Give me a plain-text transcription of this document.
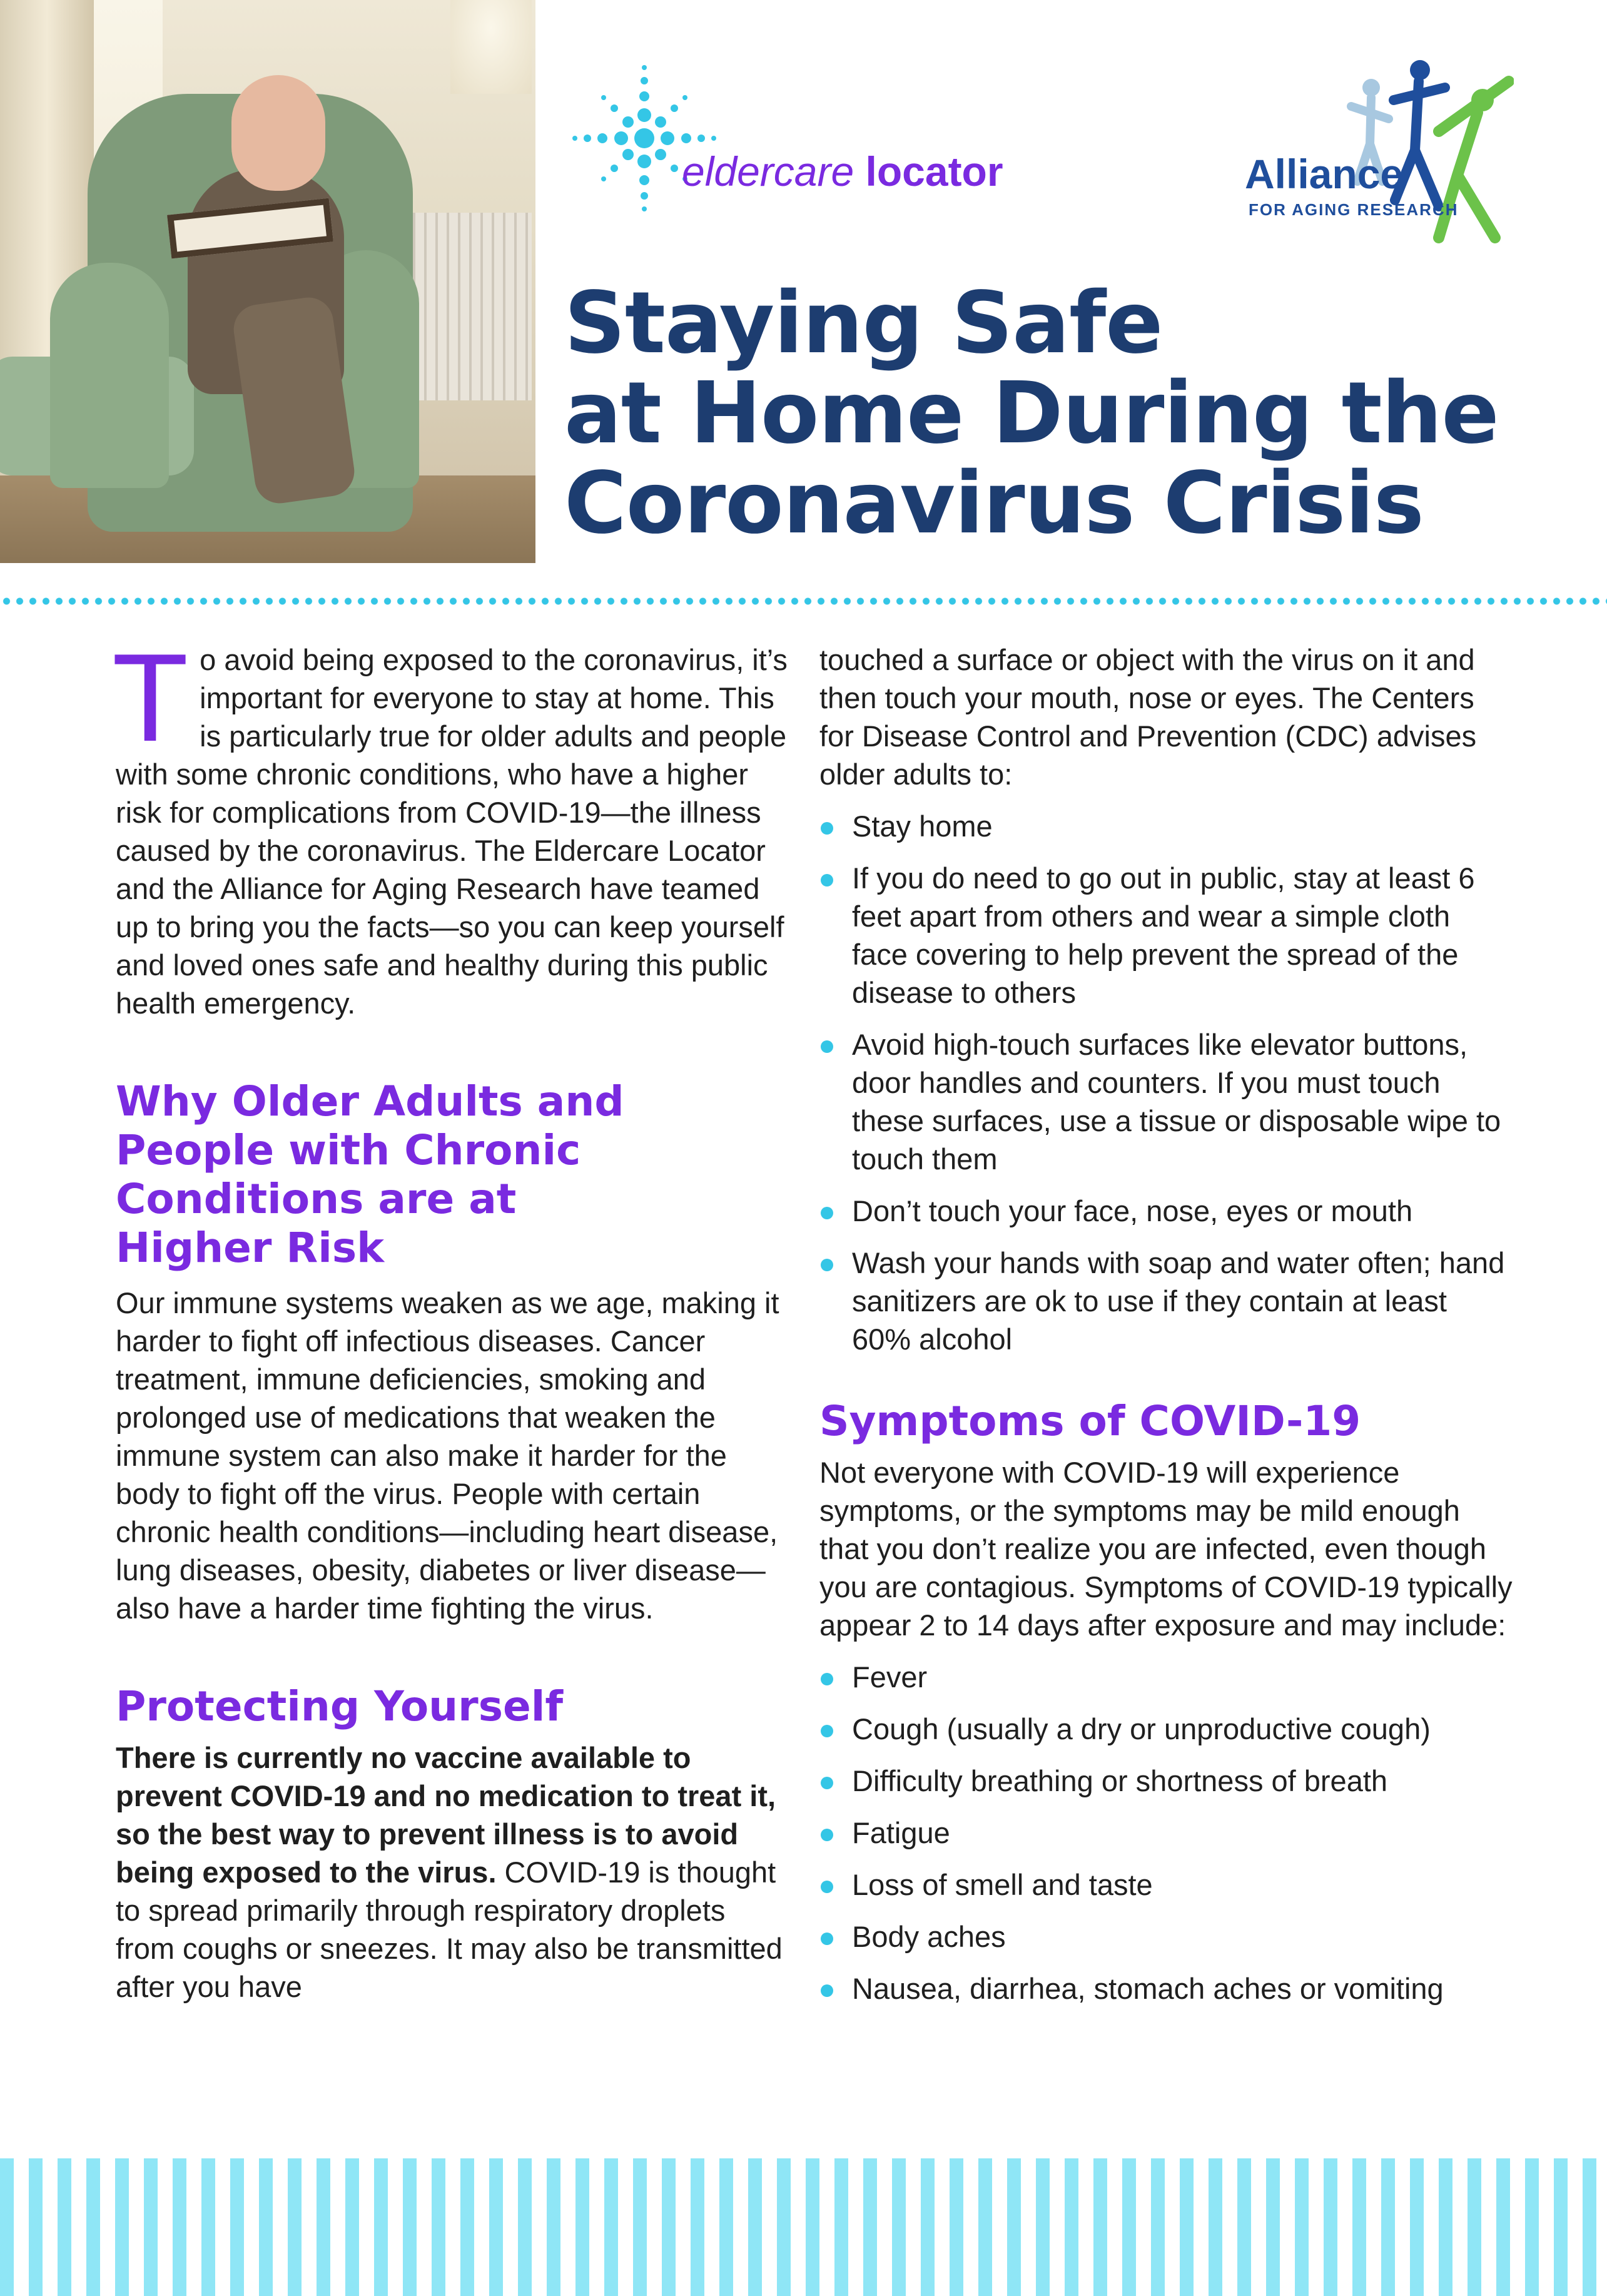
eldercare locator	Alliance
FOR AGING RESEARCH
Staying Safe
at Home During the
Coronavirus Crisis
T o avoid being exposed to the coronavirus, it’s important for everyone to stay at home. This is particularly true for older adults and people with some chronic conditions, who have a higher risk for complications from COVID-19—the illness caused by the coronavirus. The Eldercare Locator and the Alliance for Aging Research have teamed up to bring you the facts—so you can keep yourself and loved ones safe and healthy during this public health emergency.

Why Older Adults and
People with Chronic
Conditions are at
Higher Risk

Our immune systems weaken as we age, making it harder to fight off infectious diseases. Cancer treatment, immune deficiencies, smoking and prolonged use of medications that weaken the immune system can also make it harder for the body to fight off the virus. People with certain chronic health conditions—including heart disease, lung diseases, obesity, diabetes or liver disease—also have a harder time fighting the virus.

Protecting Yourself

There is currently no vaccine available to prevent COVID-19 and no medication to treat it, so the best way to prevent illness is to avoid being exposed to the virus. COVID-19 is thought to spread primarily through respiratory droplets from coughs or sneezes. It may also be transmitted after you have

touched a surface or object with the virus on it and then touch your mouth, nose or eyes. The Centers for Disease Control and Prevention (CDC) advises older adults to:

Stay home
If you do need to go out in public, stay at least 6 feet apart from others and wear a simple cloth face covering to help prevent the spread of the disease to others
Avoid high-touch surfaces like elevator buttons, door handles and counters. If you must touch these surfaces, use a tissue or disposable wipe to touch them
Don’t touch your face, nose, eyes or mouth
Wash your hands with soap and water often; hand sanitizers are ok to use if they contain at least 60% alcohol
Symptoms of COVID-19

Not everyone with COVID-19 will experience symptoms, or the symptoms may be mild enough that you don’t realize you are infected, even though you are contagious. Symptoms of COVID-19 typically appear 2 to 14 days after exposure and may include:

Fever
Cough (usually a dry or unproductive cough)
Difficulty breathing or shortness of breath
Fatigue
Loss of smell and taste
Body aches
Nausea, diarrhea, stomach aches or vomiting
